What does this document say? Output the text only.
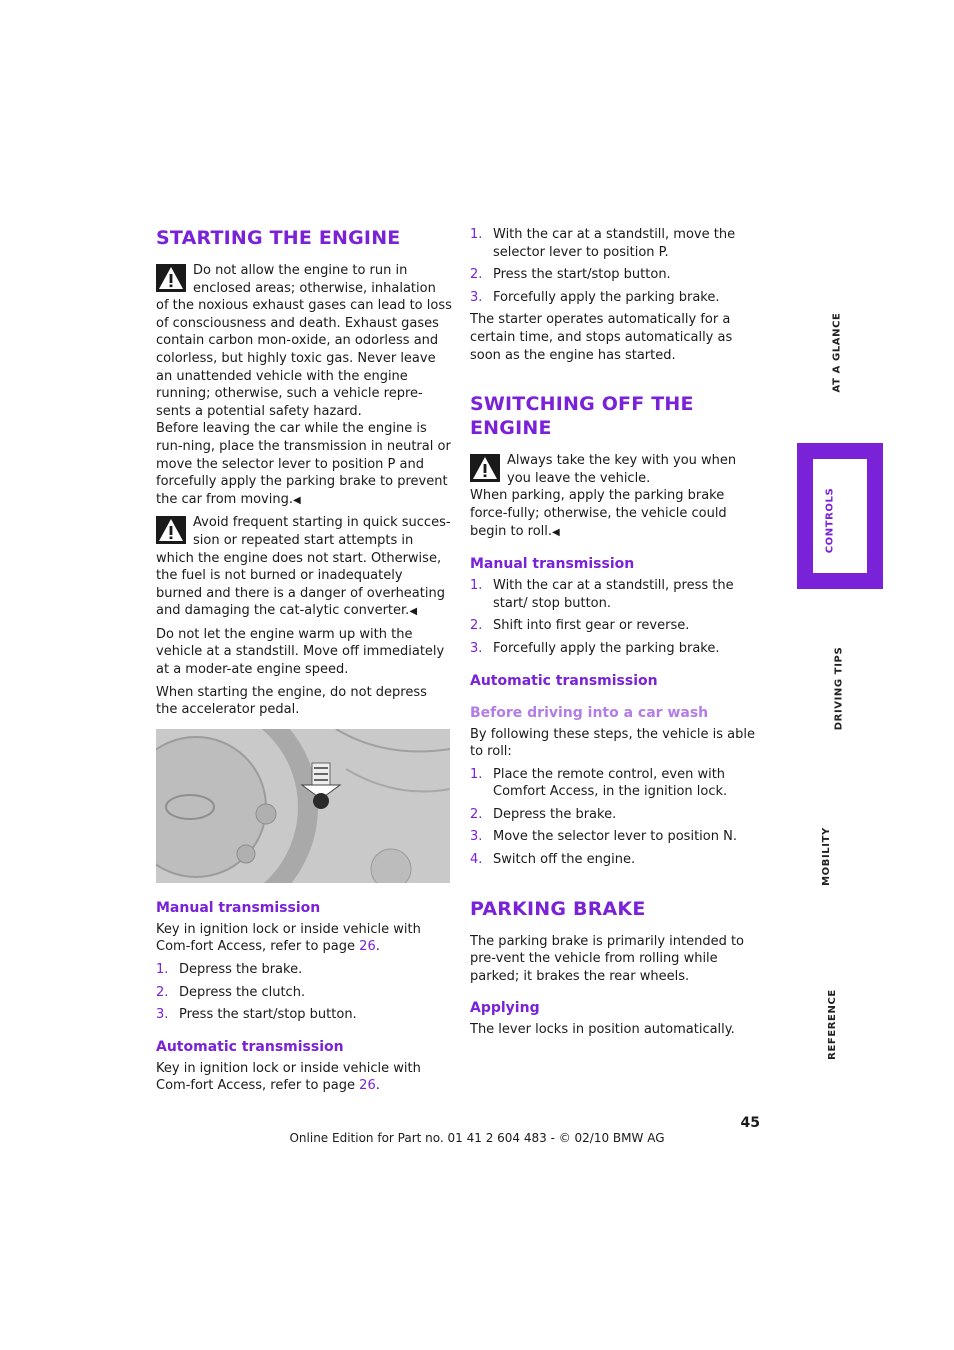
STARTING THE ENGINE
Do not allow the engine to run in enclosed areas; otherwise, inhalation of the noxious exhaust gases can lead to loss of consciousness and death. Exhaust gases contain carbon mon-oxide, an odorless and colorless, but highly toxic gas. Never leave an unattended vehicle with the engine running; otherwise, such a vehicle repre-sents a potential safety hazard.
Before leaving the car while the engine is run-ning, place the transmission in neutral or move the selector lever to position P and forcefully apply the parking brake to prevent the car from moving.◀
Avoid frequent starting in quick succes-sion or repeated start attempts in which the engine does not start. Otherwise, the fuel is not burned or inadequately burned and there is a danger of overheating and damaging the cat-alytic converter.◀

Do not let the engine warm up with the vehicle at a standstill. Move off immediately at a moder-ate engine speed.

When starting the engine, do not depress the accelerator pedal.

Manual transmission

Key in ignition lock or inside vehicle with Com-fort Access, refer to page 26.

1. Depress the brake.
2. Depress the clutch.
3. Press the start/stop button.
Automatic transmission

Key in ignition lock or inside vehicle with Com-fort Access, refer to page 26.

1. With the car at a standstill, move the selector lever to position P.
2. Press the start/stop button.
3. Forcefully apply the parking brake.

The starter operates automatically for a certain time, and stops automatically as soon as the engine has started.

SWITCHING OFF THE ENGINE
Always take the key with you when you leave the vehicle.
When parking, apply the parking brake force-fully; otherwise, the vehicle could begin to roll.◀
Manual transmission
1. With the car at a standstill, press the start/ stop button.
2. Shift into first gear or reverse.
3. Forcefully apply the parking brake.
Automatic transmission
Before driving into a car wash

By following these steps, the vehicle is able to roll:

1. Place the remote control, even with Comfort Access, in the ignition lock.
2. Depress the brake.
3. Move the selector lever to position N.
4. Switch off the engine.
PARKING BRAKE

The parking brake is primarily intended to pre-vent the vehicle from rolling while parked; it brakes the rear wheels.

Applying

The lever locks in position automatically.

AT A GLANCE
CONTROLS
DRIVING TIPS
MOBILITY
REFERENCE
45
Online Edition for Part no. 01 41 2 604 483 - © 02/10 BMW AG
